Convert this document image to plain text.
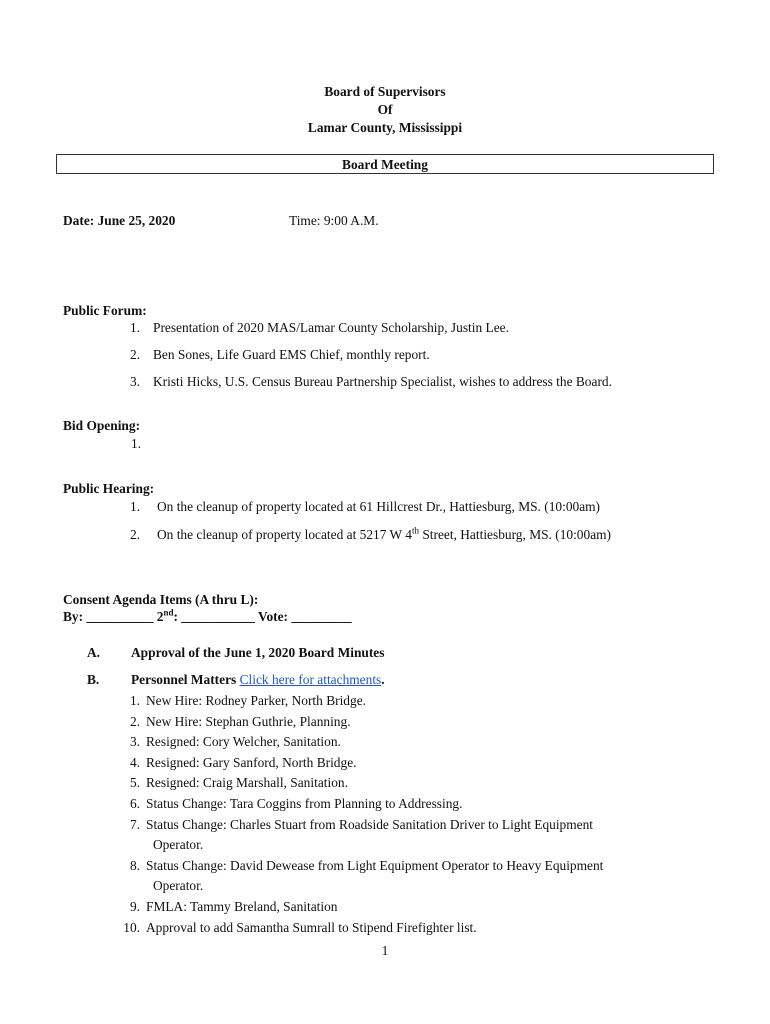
Board of Supervisors
Of
Lamar County, Mississippi
Board Meeting
Date: June 25, 2020	Time: 9:00 A.M.
Public Forum:
1. Presentation of 2020 MAS/Lamar County Scholarship, Justin Lee.
2. Ben Sones, Life Guard EMS Chief, monthly report.
3. Kristi Hicks, U.S. Census Bureau Partnership Specialist, wishes to address the Board.
Bid Opening:
1.
Public Hearing:
1. On the cleanup of property located at 61 Hillcrest Dr., Hattiesburg, MS. (10:00am)
2. On the cleanup of property located at 5217 W 4th Street, Hattiesburg, MS. (10:00am)
Consent Agenda Items (A thru L):
By: __________ 2nd: ___________ Vote: _________
A. Approval of the June 1, 2020 Board Minutes
B. Personnel Matters Click here for attachments.
1. New Hire: Rodney Parker, North Bridge.
2. New Hire: Stephan Guthrie, Planning.
3. Resigned: Cory Welcher, Sanitation.
4. Resigned: Gary Sanford, North Bridge.
5. Resigned: Craig Marshall, Sanitation.
6. Status Change: Tara Coggins from Planning to Addressing.
7. Status Change: Charles Stuart from Roadside Sanitation Driver to Light Equipment
Operator.
8. Status Change: David Dewease from Light Equipment Operator to Heavy Equipment
Operator.
9. FMLA: Tammy Breland, Sanitation
10. Approval to add Samantha Sumrall to Stipend Firefighter list.
1
